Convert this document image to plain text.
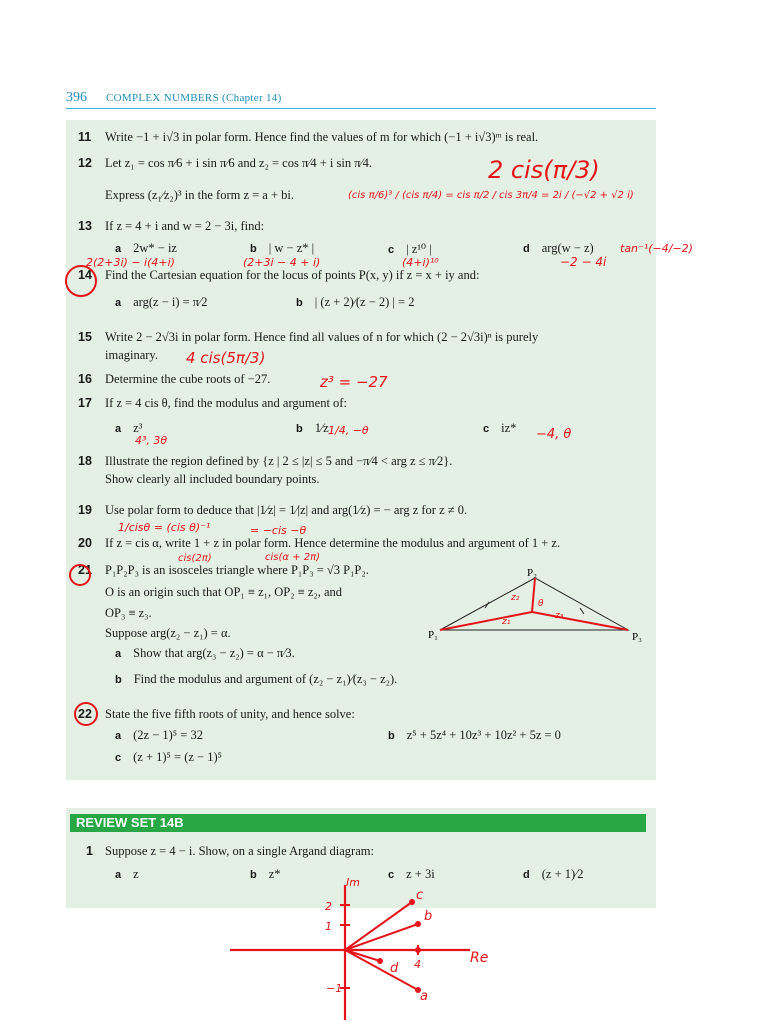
396 COMPLEX NUMBERS (Chapter 14)
REVIEW SET 14B
11 Write −1 + i√3 in polar form. Hence find the values of m for which (−1 + i√3)ᵐ is real.
12 Let z₁ = cos π⁄6 + i sin π⁄6 and z₂ = cos π⁄4 + i sin π⁄4.
Express (z₁⁄z₂)³ in the form z = a + bi.
13 If z = 4 + i and w = 2 − 3i, find:
a 2w* − iz	b | w − z* |	c | z¹⁰ |	d arg(w − z)
14 Find the Cartesian equation for the locus of points P(x, y) if z = x + iy and:
a arg(z − i) = π⁄2	b | (z + 2)⁄(z − 2) | = 2
15 Write 2 − 2√3i in polar form. Hence find all values of n for which (2 − 2√3i)ⁿ is purely
imaginary.
16 Determine the cube roots of −27.
17 If z = 4 cis θ, find the modulus and argument of:
a z³	b 1⁄z	c iz*
18 Illustrate the region defined by {z | 2 ≤ |z| ≤ 5 and −π⁄4 < arg z ≤ π⁄2}.
Show clearly all included boundary points.
19 Use polar form to deduce that |1⁄z| = 1⁄|z| and arg(1⁄z) = − arg z for z ≠ 0.
20 If z = cis α, write 1 + z in polar form. Hence determine the modulus and argument of 1 + z.
21 P₁P₂P₃ is an isosceles triangle where P₁P₃ = √3 P₁P₂.
O is an origin such that OP₁ ≡ z₁, OP₂ ≡ z₂, and
OP₃ ≡ z₃.
Suppose arg(z₂ − z₁) = α.
a Show that arg(z₃ − z₂) = α − π⁄3.
b Find the modulus and argument of (z₂ − z₁)⁄(z₃ − z₂).
22 State the five fifth roots of unity, and hence solve:
a (2z − 1)⁵ = 32	b z⁵ + 5z⁴ + 10z³ + 10z² + 5z = 0
c (z + 1)⁵ = (z − 1)⁵
1 Suppose z = 4 − i. Show, on a single Argand diagram:
a z	b z*	c z + 3i	d (z + 1)⁄2
P₁
P₂
P₃
2 cis(π/3)
(cis π/6)³ / (cis π/4) = cis π/2 / cis 3π/4 = 2i / (−√2 + √2 i)
2(2+3i) − i(4+i)	(2+3i − 4 + i)	(4+i)¹⁰	−2 − 4i
tan⁻¹(−4/−2)
4 cis(5π/3)
z³ = −27
4³, 3θ
1/4, −θ	−4, θ
1/cisθ = (cis θ)⁻¹	= −cis −θ
cis(2π)	cis(α + 2π)
z₂
θ
z₁
z₃
Im
Re
2
1
4
−1
c
b
d
a
